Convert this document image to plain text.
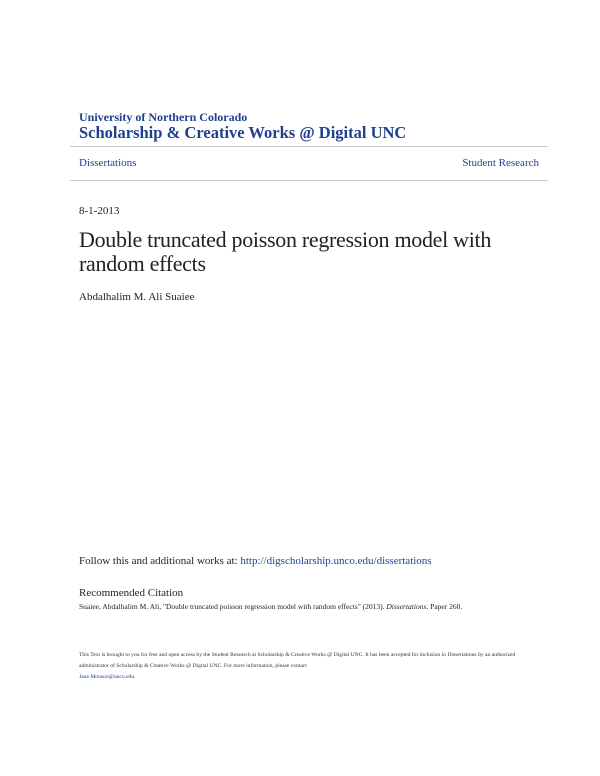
University of Northern Colorado
Scholarship & Creative Works @ Digital UNC
Dissertations	Student Research
8-1-2013
Double truncated poisson regression model with random effects
Abdalhalim M. Ali Suaiee
Follow this and additional works at: http://digscholarship.unco.edu/dissertations
Recommended Citation
Suaiee, Abdalhalim M. Ali, "Double truncated poisson regression model with random effects" (2013). Dissertations. Paper 260.
This Text is brought to you for free and open access by the Student Research at Scholarship & Creative Works @ Digital UNC. It has been accepted for inclusion in Dissertations by an authorized administrator of Scholarship & Creative Works @ Digital UNC. For more information, please contact
Jane.Monson@unco.edu.
